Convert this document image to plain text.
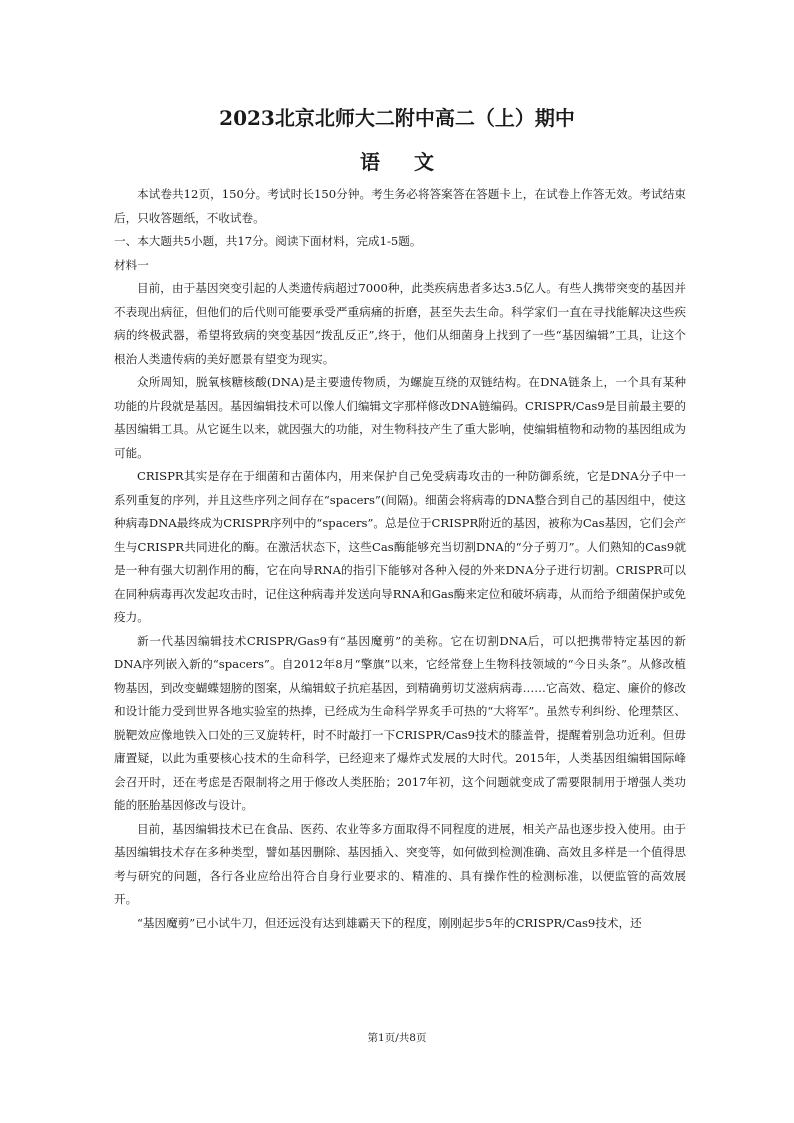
2023北京北师大二附中高二（上）期中
语文

本试卷共12页，150分。考试时长150分钟。考生务必将答案答在答题卡上，在试卷上作答无效。考试结束后，只收答题纸，不收试卷。

一、本大题共5小题，共17分。阅读下面材料，完成1-5题。

材料一

目前，由于基因突变引起的人类遗传病超过7000种，此类疾病患者多达3.5亿人。有些人携带突变的基因并不表现出病征，但他们的后代则可能要承受严重病痛的折磨，甚至失去生命。科学家们一直在寻找能解决这些疾病的终极武器，希望将致病的突变基因“拨乱反正”,终于，他们从细菌身上找到了一些“基因编辑”工具，让这个根治人类遗传病的美好愿景有望变为现实。

众所周知，脱氧核糖核酸(DNA)是主要遗传物质，为螺旋互绕的双链结构。在DNA链条上，一个具有某种功能的片段就是基因。基因编辑技术可以像人们编辑文字那样修改DNA链编码。CRISPR/Cas9是目前最主要的基因编辑工具。从它诞生以来，就因强大的功能，对生物科技产生了重大影响，使编辑植物和动物的基因组成为可能。

CRISPR其实是存在于细菌和古菌体内，用来保护自己免受病毒攻击的一种防御系统，它是DNA分子中一系列重复的序列，并且这些序列之间存在“spacers”(间隔)。细菌会将病毒的DNA整合到自己的基因组中，使这种病毒DNA最终成为CRISPR序列中的“spacers”。总是位于CRISPR附近的基因，被称为Cas基因，它们会产生与CRISPR共同进化的酶。在激活状态下，这些Cas酶能够充当切割DNA的“分子剪刀”。人们熟知的Cas9就是一种有强大切割作用的酶，它在向导RNA的指引下能够对各种入侵的外来DNA分子进行切割。CRISPR可以在同种病毒再次发起攻击时，记住这种病毒并发送向导RNA和Gas酶来定位和破坏病毒，从而给予细菌保护或免疫力。

新一代基因编辑技术CRISPR/Gas9有“基因魔剪”的美称。它在切割DNA后，可以把携带特定基因的新DNA序列嵌入新的“spacers”。自2012年8月“擎旗”以来，它经常登上生物科技领域的“今日头条”。从修改植物基因，到改变蝴蝶翅膀的图案，从编辑蚊子抗疟基因，到精确剪切艾滋病病毒……它高效、稳定、廉价的修改和设计能力受到世界各地实验室的热捧，已经成为生命科学界炙手可热的“大将军”。虽然专利纠纷、伦理禁区、脱靶效应像地铁入口处的三叉旋转杆，时不时敲打一下CRISPR/Cas9技术的膝盖骨，提醒着别急功近利。但毋庸置疑，以此为重要核心技术的生命科学，已经迎来了爆炸式发展的大时代。2015年，人类基因组编辑国际峰会召开时，还在考虑是否限制将之用于修改人类胚胎；2017年初，这个问题就变成了需要限制用于增强人类功能的胚胎基因修改与设计。

目前，基因编辑技术已在食品、医药、农业等多方面取得不同程度的进展，相关产品也逐步投入使用。由于基因编辑技术存在多种类型，譬如基因删除、基因插入、突变等，如何做到检测准确、高效且多样是一个值得思考与研究的问题，各行各业应给出符合自身行业要求的、精准的、具有操作性的检测标准，以便监管的高效展开。

“基因魔剪”已小试牛刀，但还远没有达到雄霸天下的程度，刚刚起步5年的CRISPR/Cas9技术，还

第1页/共8页
